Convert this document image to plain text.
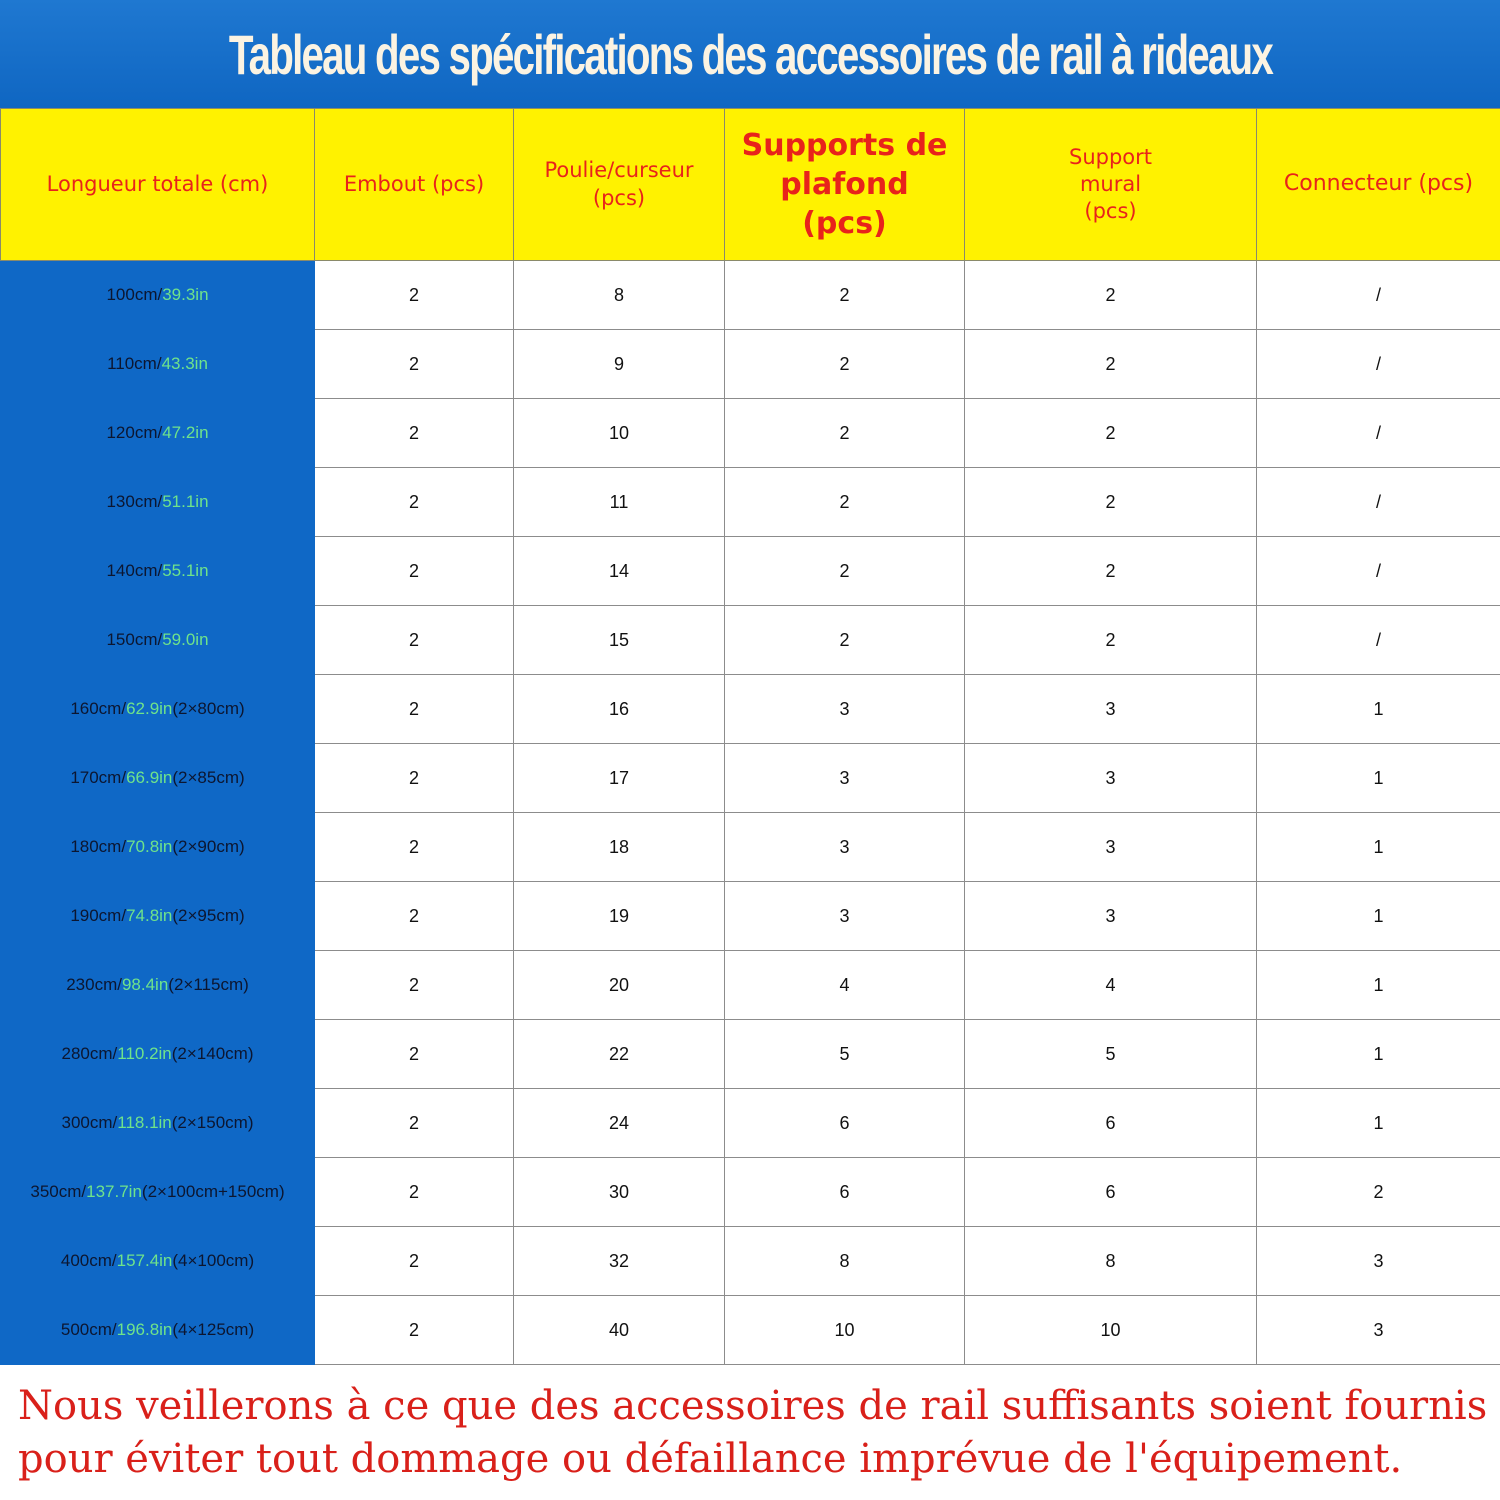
Tableau des spécifications des accessoires de rail à rideaux
Longueur totale (cm)	Embout (pcs)	Poulie/curseur (pcs)	Supports de plafond (pcs)	Support mural (pcs)	Connecteur (pcs)
100cm/39.3in	2	8	2	2	/
110cm/43.3in	2	9	2	2	/
120cm/47.2in	2	10	2	2	/
130cm/51.1in	2	11	2	2	/
140cm/55.1in	2	14	2	2	/
150cm/59.0in	2	15	2	2	/
160cm/62.9in(2×80cm)	2	16	3	3	1
170cm/66.9in(2×85cm)	2	17	3	3	1
180cm/70.8in(2×90cm)	2	18	3	3	1
190cm/74.8in(2×95cm)	2	19	3	3	1
230cm/98.4in(2×115cm)	2	20	4	4	1
280cm/110.2in(2×140cm)	2	22	5	5	1
300cm/118.1in(2×150cm)	2	24	6	6	1
350cm/137.7in(2×100cm+150cm)	2	30	6	6	2
400cm/157.4in(4×100cm)	2	32	8	8	3
500cm/196.8in(4×125cm)	2	40	10	10	3
Nous veillerons à ce que des accessoires de rail suffisants soient fournis
pour éviter tout dommage ou défaillance imprévue de l'équipement.
